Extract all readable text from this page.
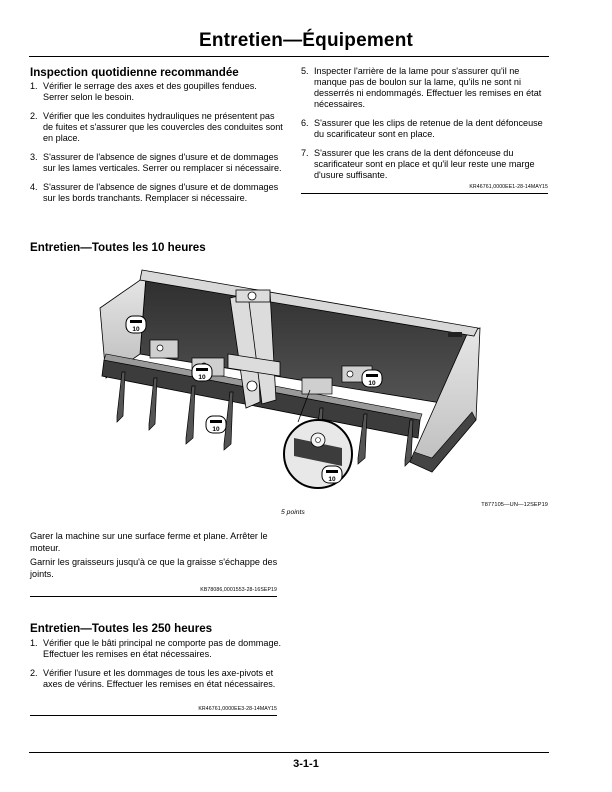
Entretien—Équipement
Inspection quotidienne recommandée
1. Vérifier le serrage des axes et des goupilles fendues. Serrer selon le besoin.
2. Vérifier que les conduites hydrauliques ne présentent pas de fuites et s'assurer que les couvercles des conduites sont en place.
3. S'assurer de l'absence de signes d'usure et de dommages sur les lames verticales. Serrer ou remplacer si nécessaire.
4. S'assurer de l'absence de signes d'usure et de dommages sur les bords tranchants. Remplacer si nécessaire.
5. Inspecter l'arrière de la lame pour s'assurer qu'il ne manque pas de boulon sur la lame, qu'ils ne sont ni desserrés ni endommagés. Effectuer les remises en état nécessaires.
6. S'assurer que les clips de retenue de la dent défonceuse du scarificateur sont en place.
7. S'assurer que les crans de la dent défonceuse du scarificateur sont en place et qu'il leur reste une marge d'usure suffisante.
KR46761,0000EE1-28-14MAY15
Entretien—Toutes les 10 heures
10
10
10
10
10
T877105—UN—12SEP19
5 points

Garer la machine sur une surface ferme et plane. Arrêter le moteur.

Garnir les graisseurs jusqu'à ce que la graisse s'échappe des joints.

KB78086,0001553-28-16SEP19
Entretien—Toutes les 250 heures
1. Vérifier que le bâti principal ne comporte pas de dommage. Effectuer les remises en état nécessaires.
2. Vérifier l'usure et les dommages de tous les axe-pivots et axes de vérins. Effectuer les remises en état nécessaires.
KR46761,0000EE3-28-14MAY15
3-1-1
